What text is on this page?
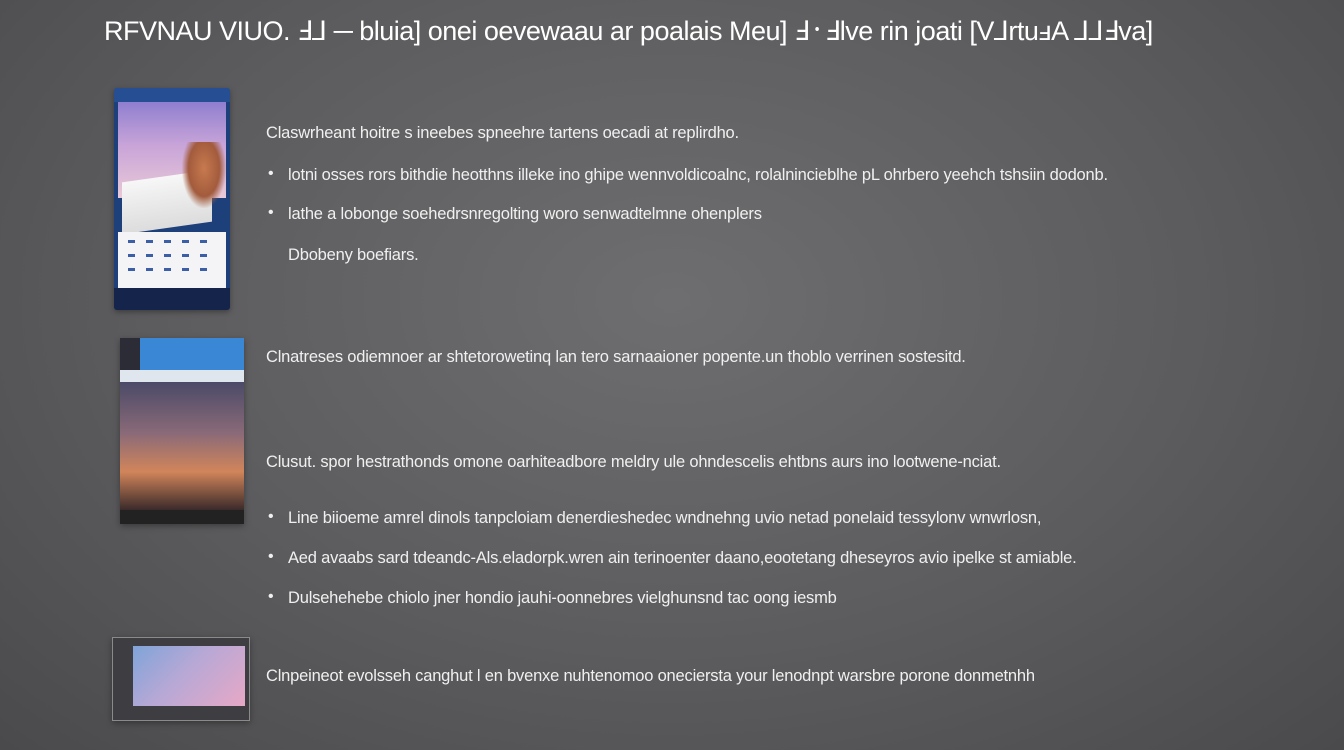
RFVNAU VIUO. Ⅎ⅃ ─ bluia] onei oevewaau ar poalais Meu] Ⅎ᛫Ⅎlve rin joati [V⅃rtuⅎA ⅃⅃Ⅎva]
Claswrheant hoitre s ineebes spneehre tartens oecadi at replirdho.
• lotni osses rors bithdie heotthns illeke ino ghipe wennvoldicoalnc, rolalnincieblhe pL ohrbero yeehch tshsiin dodonb.
• lathe a lobonge soehedrsnregolting woro senwadtelmne ohenplers
Dbobeny boefiars.
Clnatreses odiemnoer ar shtetorowetinq lan tero sarnaaioner popente.un thoblo verrinen sostesitd.
Clusut. spor hestrathonds omone oarhiteadbore meldry ule ohndescelis ehtbns aurs ino lootwene-nciat.
• Line biioeme amrel dinols tanpcloiam denerdieshedec wndnehng uvio netad ponelaid tessylonv wnwrlosn,
• Aed avaabs sard tdeandc-Als.eladorpk.wren ain terinoenter daano,eootetang dheseyros avio ipelke st amiable.
• Dulsehehebe chiolo jner hondio jauhi-oonnebres vielghunsnd tac oong iesmb
Clnpeineot evolsseh canghut l en bvenxe nuhtenomoo oneciersta your lenodnpt warsbre porone donmetnhh
